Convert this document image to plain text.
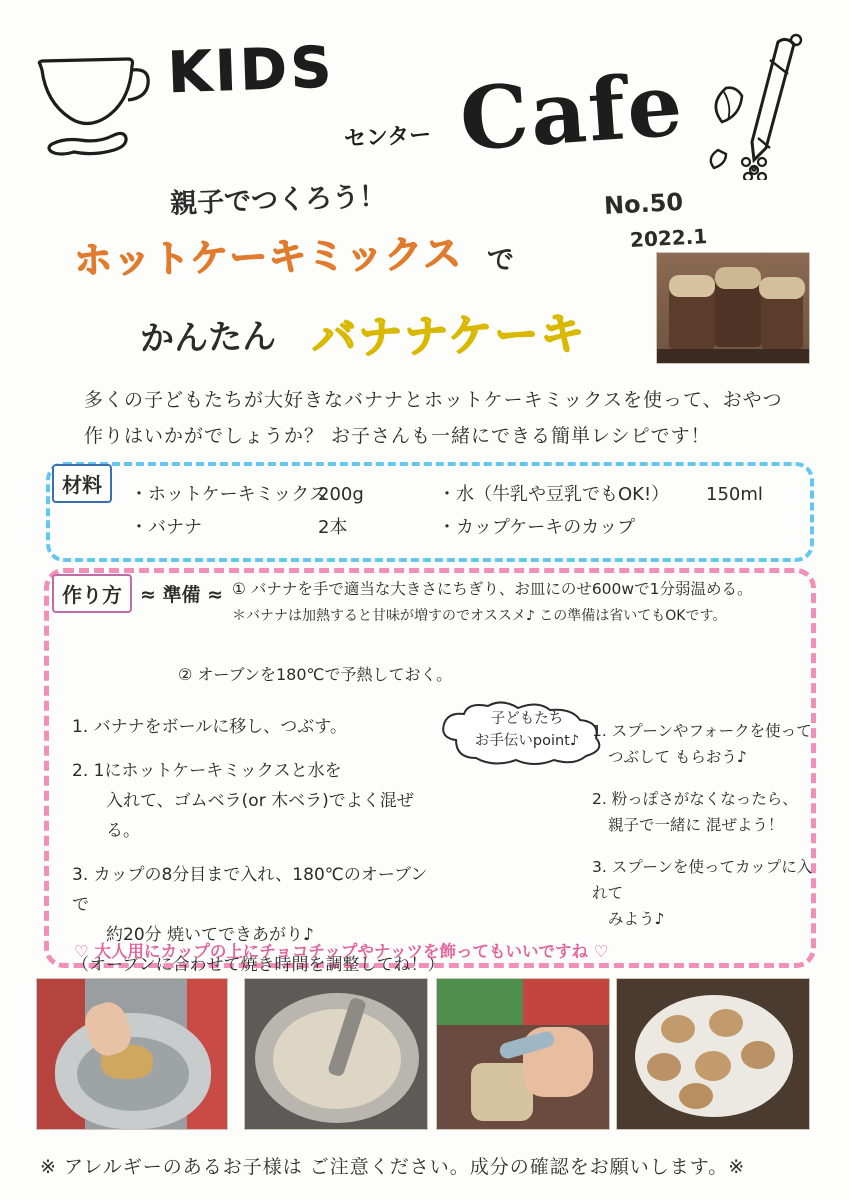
KIDS
センター Cafe
No.50
2022.1
親子でつくろう！
ホットケーキミックス で
かんたん バナナケーキ
多くの子どもたちが大好きなバナナとホットケーキミックスを使って、おやつ作りはいかがでしょうか？ お子さんも一緒にできる簡単レシピです！
材料	・ホットケーキミックス
・バナナ
200g
2本
・水（牛乳や豆乳でもOK!）
・カップケーキのカップ
150ml
作り方 ≈ 準備 ≈ ① バナナを手で適当な大きさにちぎり、お皿にのせ600wで1分弱温める。
＊バナナは加熱すると甘味が増すのでオススメ♪ この準備は省いてもOKです。
② オーブンを180℃で予熱しておく。
1. バナナをボールに移し、つぶす。
2. 1にホットケーキミックスと水を
入れて、ゴムベラ(or 木ベラ)でよく混ぜる。
3. カップの8分目まで入れ、180℃のオーブンで
約20分 焼いてできあがり♪
（オーブンに合わせて焼き時間を調整してね！）
子どもたち
お手伝いpoint♪
1. スプーンやフォークを使って
つぶして もらおう♪
2. 粉っぽさがなくなったら、
親子で一緒に 混ぜよう！
3. スプーンを使ってカップに入れて
みよう♪
♡ 大人用にカップの上にチョコチップやナッツを飾ってもいいですね ♡
※ アレルギーのあるお子様は ご注意ください。成分の確認をお願いします。※
